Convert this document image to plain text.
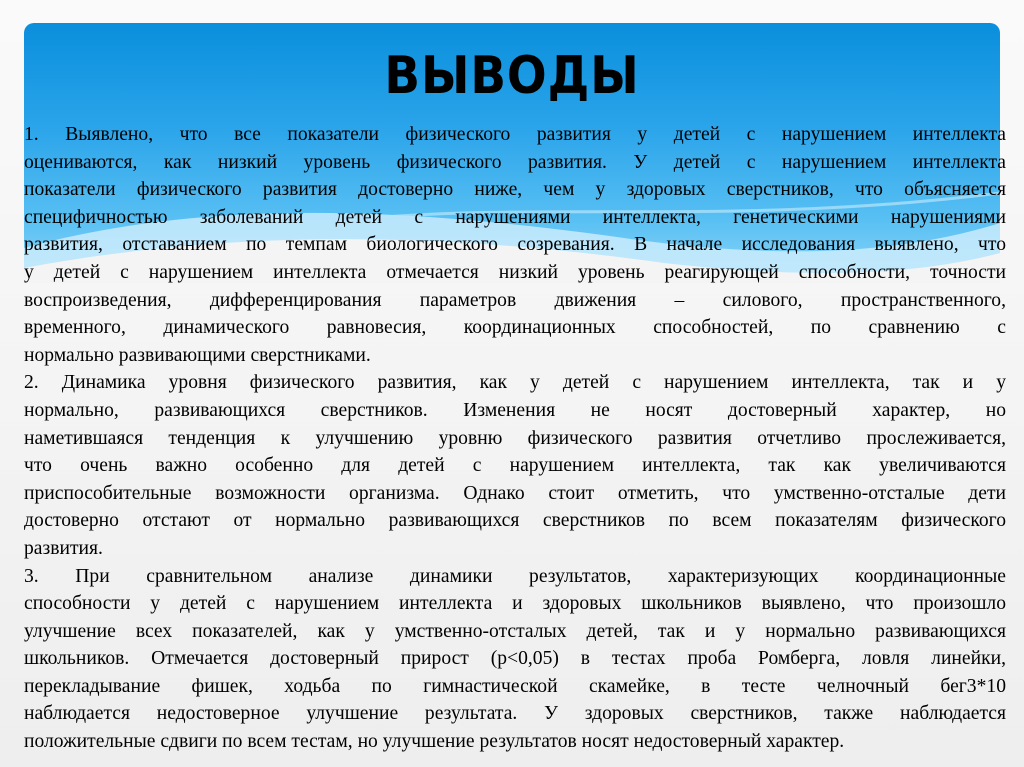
ВЫВОДЫ
1. Выявлено, что все показатели физического развития у детей с нарушением интеллекта
оцениваются, как низкий уровень физического развития. У детей с нарушением интеллекта
показатели физического развития достоверно ниже, чем у здоровых сверстников, что объясняется
специфичностью заболеваний детей с нарушениями интеллекта, генетическими нарушениями
развития, отставанием по темпам биологического созревания. В начале исследования выявлено, что
у детей с нарушением интеллекта отмечается низкий уровень реагирующей способности, точности
воспроизведения, дифференцирования параметров движения – силового, пространственного,
временного, динамического равновесия, координационных способностей, по сравнению с
нормально развивающими сверстниками.
2. Динамика уровня физического развития, как у детей с нарушением интеллекта, так и у
нормально, развивающихся сверстников. Изменения не носят достоверный характер, но
наметившаяся тенденция к улучшению уровню физического развития отчетливо прослеживается,
что очень важно особенно для детей с нарушением интеллекта, так как увеличиваются
приспособительные возможности организма. Однако стоит отметить, что умственно-отсталые дети
достоверно отстают от нормально развивающихся сверстников по всем показателям физического
развития.
3. При сравнительном анализе динамики результатов, характеризующих координационные
способности у детей с нарушением интеллекта и здоровых школьников выявлено, что произошло
улучшение всех показателей, как у умственно-отсталых детей, так и у нормально развивающихся
школьников. Отмечается достоверный прирост (р<0,05) в тестах проба Ромберга, ловля линейки,
перекладывание фишек, ходьба по гимнастической скамейке, в тесте челночный бег3*10
наблюдается недостоверное улучшение результата. У здоровых сверстников, также наблюдается
положительные сдвиги по всем тестам, но улучшение результатов носят недостоверный характер.
